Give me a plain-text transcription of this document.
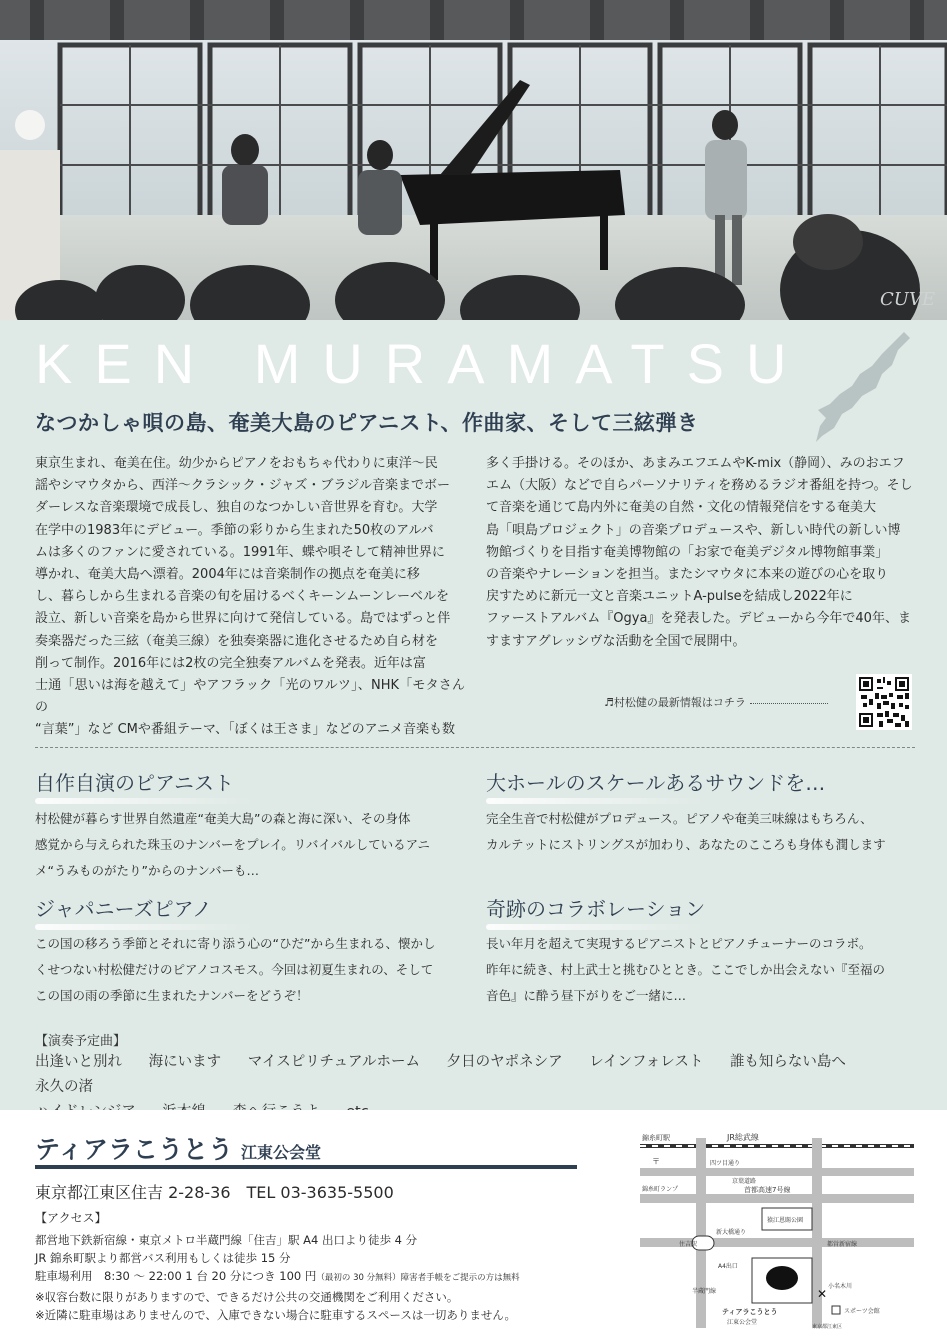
CUVE
KEN MURAMATSU
なつかしゃ唄の島、奄美大島のピアニスト、作曲家、そして三絃弾き

東京生まれ、奄美在住。幼少からピアノをおもちゃ代わりに東洋〜民
謡やシマウタから、西洋〜クラシック・ジャズ・ブラジル音楽までボー
ダーレスな音楽環境で成長し、独自のなつかしい音世界を育む。大学
在学中の1983年にデビュー。季節の彩りから生まれた50枚のアルバ
ムは多くのファンに愛されている。1991年、蝶や唄そして精神世界に
導かれ、奄美大島へ漂着。2004年には音楽制作の拠点を奄美に移
し、暮らしから生まれる音楽の旬を届けるべくキーンムーンレーベルを
設立、新しい音楽を島から世界に向けて発信している。島ではずっと伴
奏楽器だった三絃（奄美三線）を独奏楽器に進化させるため自ら材を
削って制作。2016年には2枚の完全独奏アルバムを発表。近年は富
士通「思いは海を越えて」やアフラック「光のワルツ」、NHK「モタさんの
“言葉”」など CMや番組テーマ、「ぼくは王さま」などのアニメ音楽も数

多く手掛ける。そのほか、あまみエフエムやK-mix（静岡）、みのおエフ
エム（大阪）などで自らパーソナリティを務めるラジオ番組を持つ。そし
て音楽を通じて島内外に奄美の自然・文化の情報発信をする奄美大
島「唄島プロジェクト」の音楽プロデュースや、新しい時代の新しい博
物館づくりを目指す奄美博物館の「お家で奄美デジタル博物館事業」
の音楽やナレーションを担当。またシマウタに本来の遊びの心を取り
戻すために新元一文と音楽ユニットA-pulseを結成し2022年に
ファーストアルバム『Ogya』を発表した。デビューから今年で40年、ま
すますアグレッシヴな活動を全国で展開中。

♬村松健の最新情報はコチラ
自作自演のピアニスト
村松健が暮らす世界自然遺産“奄美大島”の森と海に深い、その身体
感覚から与えられた珠玉のナンバーをプレイ。リバイバルしているアニ
メ“うみものがたり”からのナンバーも…
大ホールのスケールあるサウンドを…
完全生音で村松健がプロデュース。ピアノや奄美三味線はもちろん、
カルテットにストリングスが加わり、あなたのこころも身体も潤します
ジャパニーズピアノ
この国の移ろう季節とそれに寄り添う心の“ひだ”から生まれる、懐かし
くせつない村松健だけのピアノコスモス。今回は初夏生まれの、そして
この国の雨の季節に生まれたナンバーをどうぞ！
奇跡のコラボレーション
長い年月を超えて実現するピアニストとピアノチューナーのコラボ。
昨年に続き、村上武士と挑むひととき。ここでしか出会えない『至福の
音色』に酔う昼下がりをご一緒に…
【演奏予定曲】
出逢いと別れ 海にいます マイスピリチュアルホーム 夕日のヤポネシア レインフォレスト 誰も知らない島へ 永久の渚

ティアラこうとう 江東公会堂
東京都江東区住吉 2-28-36　TEL 03-3635-5500
【アクセス】
都営地下鉄新宿線・東京メトロ半蔵門線「住吉」駅 A4 出口より徒歩 4 分
JR 錦糸町駅より都営バス利用もしくは徒歩 15 分
駐車場利用　8:30 〜 22:00 1 台 20 分につき 100 円（最初の 30 分無料）障害者手帳をご提示の方は無料
※収容台数に限りがありますので、できるだけ公共の交通機関をご利用ください。
※近隣に駐車場はありませんので、入庫できない場合に駐車するスペースは一切ありません。
JR総武線
錦糸町駅
四ツ目通り
京葉道路
首都高速7号線
錦糸町ランプ
猿江恩賜公園
新大橋通り
都営新宿線
住吉駅
A4出口
半蔵門線	✕
ティアラこうとう
江東公会堂
スポーツ会館
小名木川
東京都江東区
〒
